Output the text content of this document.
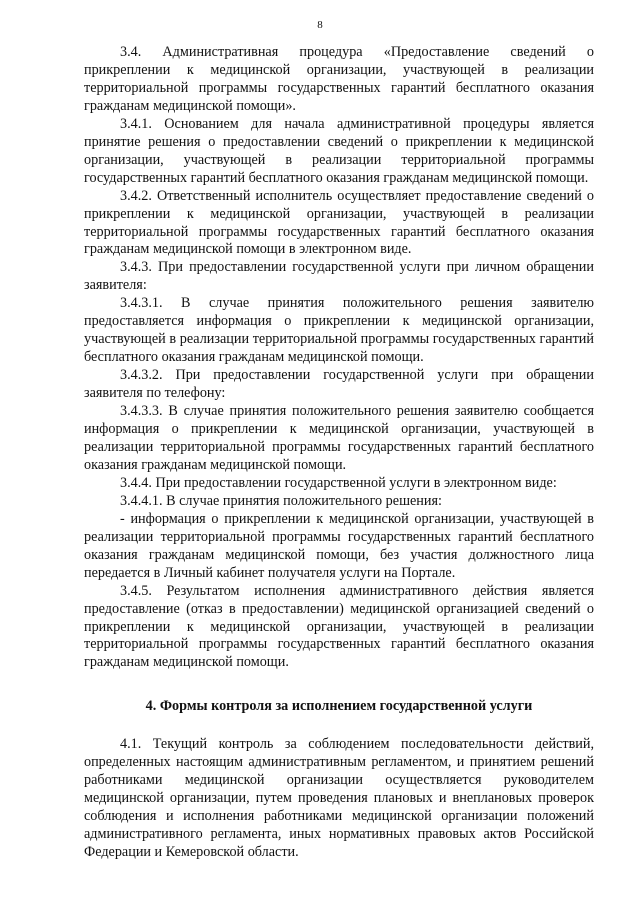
8

3.4. Административная процедура «Предоставление сведений о прикреплении к медицинской организации, участвующей в реализации территориальной программы государственных гарантий бесплатного оказания гражданам медицинской помощи».

3.4.1. Основанием для начала административной процедуры является принятие решения о предоставлении сведений о прикреплении к медицинской организации, участвующей в реализации территориальной программы государственных гарантий бесплатного оказания гражданам медицинской помощи.

3.4.2. Ответственный исполнитель осуществляет предоставление сведений о прикреплении к медицинской организации, участвующей в реализации территориальной программы государственных гарантий бесплатного оказания гражданам медицинской помощи в электронном виде.

3.4.3. При предоставлении государственной услуги при личном обращении заявителя:

3.4.3.1. В случае принятия положительного решения заявителю предоставляется информация о прикреплении к медицинской организации, участвующей в реализации территориальной программы государственных гарантий бесплатного оказания гражданам медицинской помощи.

3.4.3.2. При предоставлении государственной услуги при обращении заявителя по телефону:

3.4.3.3. В случае принятия положительного решения заявителю сообщается информация о прикреплении к медицинской организации, участвующей в реализации территориальной программы государственных гарантий бесплатного оказания гражданам медицинской помощи.

3.4.4. При предоставлении государственной услуги в электронном виде:

3.4.4.1. В случае принятия положительного решения:

- информация о прикреплении к медицинской организации, участвующей в реализации территориальной программы государственных гарантий бесплатного оказания гражданам медицинской помощи, без участия должностного лица передается в Личный кабинет получателя услуги на Портале.

3.4.5. Результатом исполнения административного действия является предоставление (отказ в предоставлении) медицинской организацией сведений о прикреплении к медицинской организации, участвующей в реализации территориальной программы государственных гарантий бесплатного оказания гражданам медицинской помощи.

4. Формы контроля за исполнением государственной услуги

4.1. Текущий контроль за соблюдением последовательности действий, определенных настоящим административным регламентом, и принятием решений работниками медицинской организации осуществляется руководителем медицинской организации, путем проведения плановых и внеплановых проверок соблюдения и исполнения работниками медицинской организации положений административного регламента, иных нормативных правовых актов Российской Федерации и Кемеровской области.
